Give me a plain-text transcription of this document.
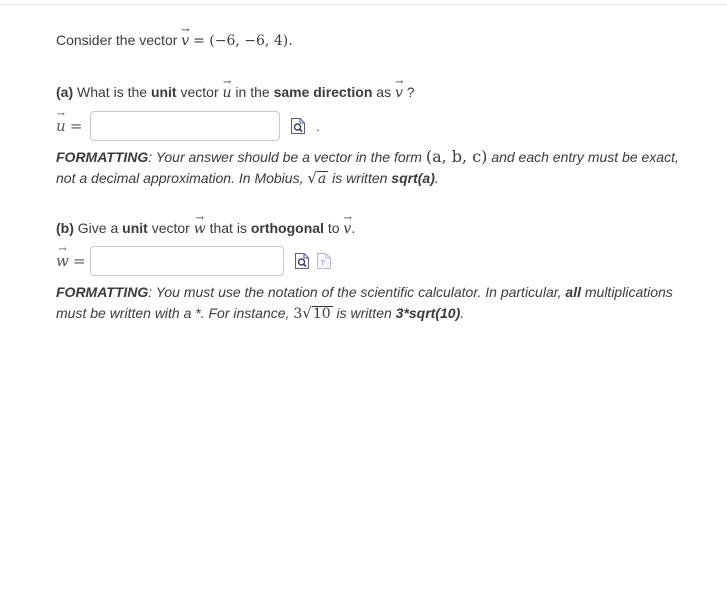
Consider the vector
→
v = (−6, −6, 4).
(a) What is the unit vector
→
u in the same direction as
→
v ?
→
u =	.
FORMATTING: Your answer should be a vector in the form (a, b, c) and each entry must be exact, not a decimal approximation. In Mobius, √a is written sqrt(a).
(b) Give a unit vector
→
w that is orthogonal to
→
v.
→
w =
FORMATTING: You must use the notation of the scientific calculator. In particular, all multiplications must be written with a *. For instance, 3√10 is written 3*sqrt(10).
